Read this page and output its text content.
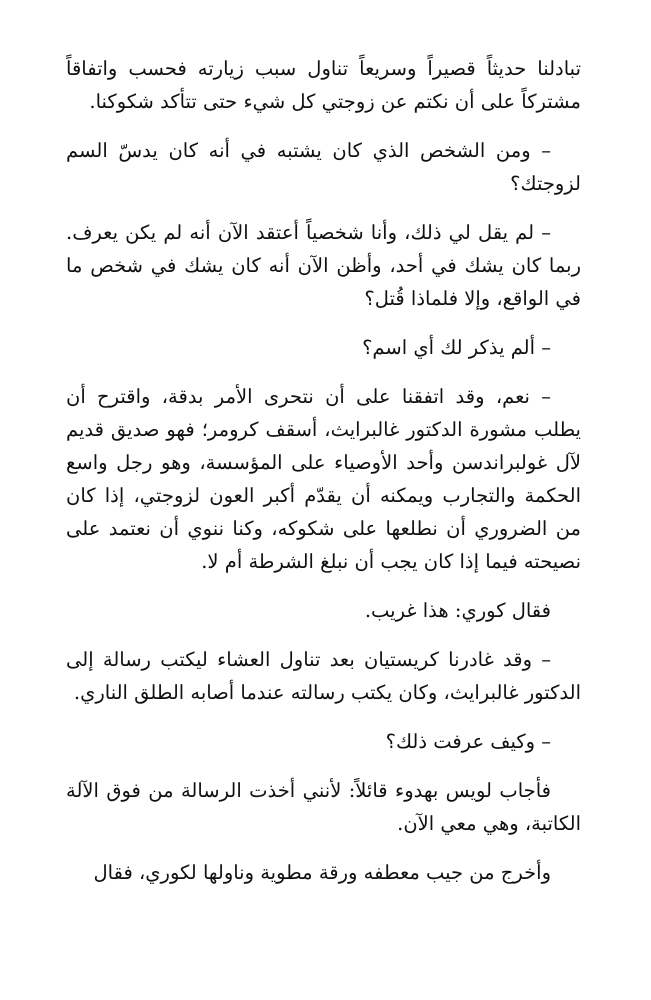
تبادلنا حديثاً قصيراً وسريعاً تناول سبب زيارته فحسب واتفاقاً مشتركاً على أن نكتم عن زوجتي كل شيء حتى تتأكد شكوكنا.

– ومن الشخص الذي كان يشتبه في أنه كان يدسّ السم لزوجتك؟

– لم يقل لي ذلك، وأنا شخصياً أعتقد الآن أنه لم يكن يعرف. ربما كان يشك في أحد، وأظن الآن أنه كان يشك في شخص ما في الواقع، وإلا فلماذا قُتل؟

– ألم يذكر لك أي اسم؟

– نعم، وقد اتفقنا على أن نتحرى الأمر بدقة، واقترح أن يطلب مشورة الدكتور غالبرايث، أسقف كرومر؛ فهو صديق قديم لآل غولبراندسن وأحد الأوصياء على المؤسسة، وهو رجل واسع الحكمة والتجارب ويمكنه أن يقدّم أكبر العون لزوجتي، إذا كان من الضروري أن نطلعها على شكوكه، وكنا ننوي أن نعتمد على نصيحته فيما إذا كان يجب أن نبلغ الشرطة أم لا.

فقال كوري: هذا غريب.

– وقد غادرنا كريستيان بعد تناول العشاء ليكتب رسالة إلى الدكتور غالبرايث، وكان يكتب رسالته عندما أصابه الطلق الناري.

– وكيف عرفت ذلك؟

فأجاب لويس بهدوء قائلاً: لأنني أخذت الرسالة من فوق الآلة الكاتبة، وهي معي الآن.

وأخرج من جيب معطفه ورقة مطوية وناولها لكوري، فقال
